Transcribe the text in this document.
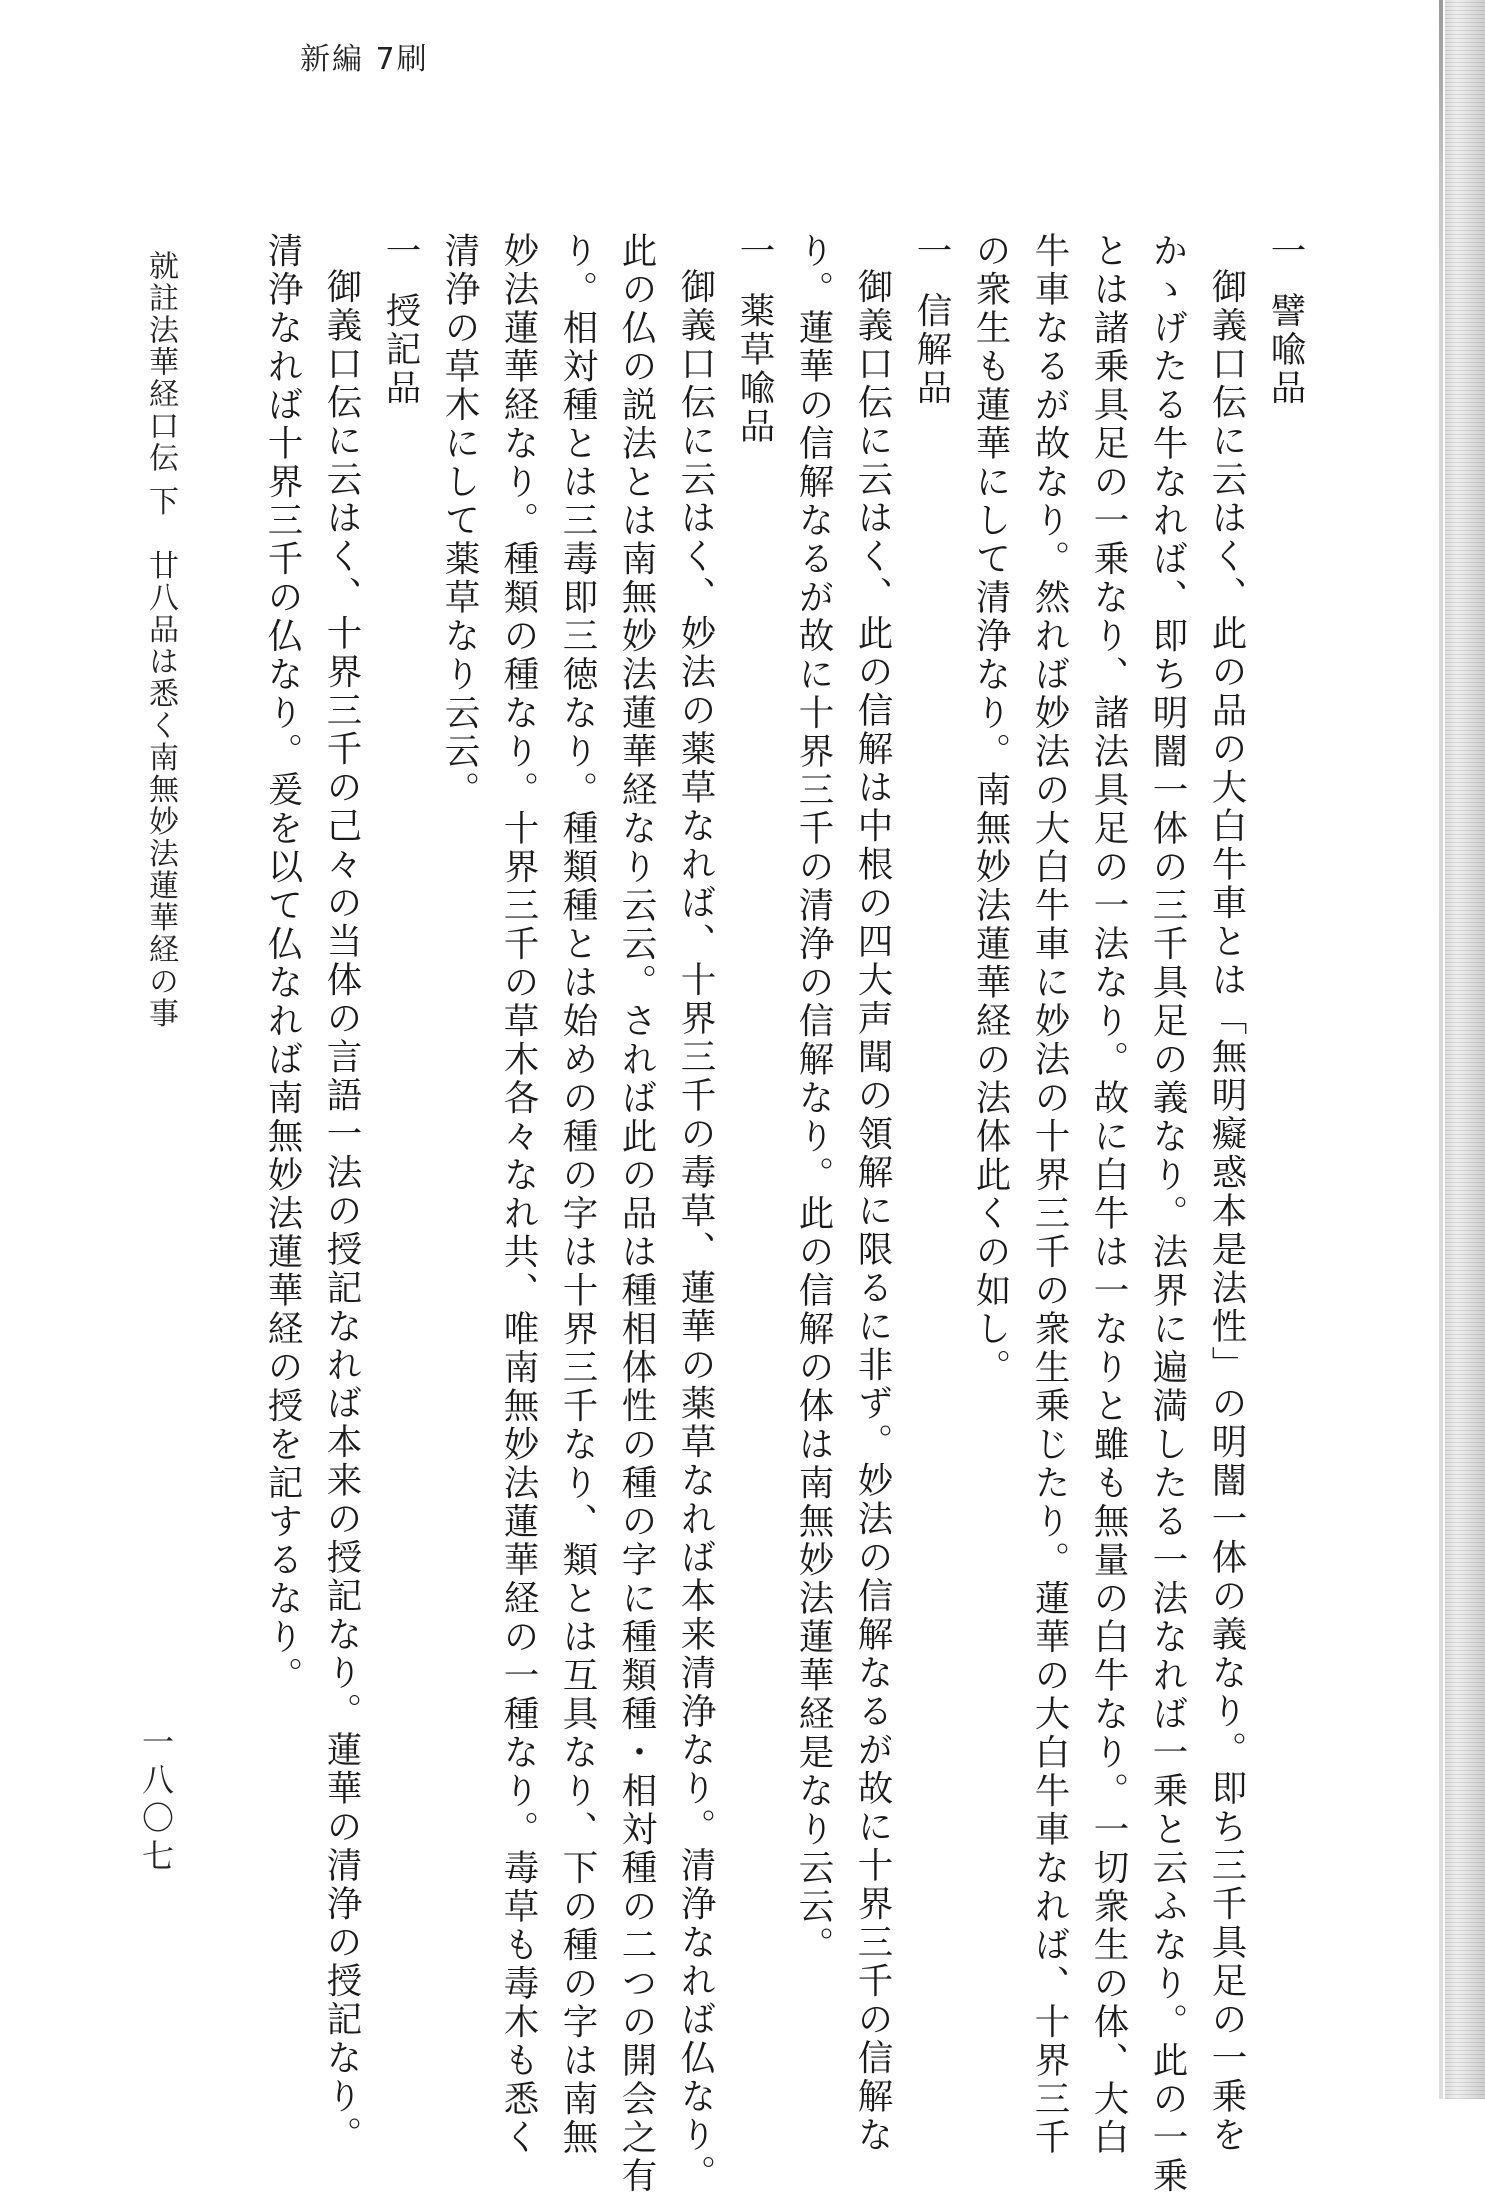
新編 7刷
一譬喩品
御義口伝に云はく、此の品の大白牛車とは「無明癡惑本是法性」の明闇一体の義なり。即ち三千具足の一乗を
かゝげたる牛なれば、即ち明闇一体の三千具足の義なり。法界に遍満したる一法なれば一乗と云ふなり。此の一乗
とは諸乗具足の一乗なり、諸法具足の一法なり。故に白牛は一なりと雖も無量の白牛なり。一切衆生の体、大白
牛車なるが故なり。然れば妙法の大白牛車に妙法の十界三千の衆生乗じたり。蓮華の大白牛車なれば、十界三千
の衆生も蓮華にして清浄なり。南無妙法蓮華経の法体此くの如し。
一信解品
御義口伝に云はく、此の信解は中根の四大声聞の領解に限るに非ず。妙法の信解なるが故に十界三千の信解な
り。蓮華の信解なるが故に十界三千の清浄の信解なり。此の信解の体は南無妙法蓮華経是なり云云。
一薬草喩品
御義口伝に云はく、妙法の薬草なれば、十界三千の毒草、蓮華の薬草なれば本来清浄なり。清浄なれば仏なり。
此の仏の説法とは南無妙法蓮華経なり云云。されば此の品は種相体性の種の字に種類種・相対種の二つの開会之有
り。相対種とは三毒即三徳なり。種類種とは始めの種の字は十界三千なり、類とは互具なり、下の種の字は南無
妙法蓮華経なり。種類の種なり。十界三千の草木各々なれ共、唯南無妙法蓮華経の一種なり。毒草も毒木も悉く
清浄の草木にして薬草なり云云。
一授記品
御義口伝に云はく、十界三千の己々の当体の言語一法の授記なれば本来の授記なり。蓮華の清浄の授記なり。
清浄なれば十界三千の仏なり。爰を以て仏なれば南無妙法蓮華経の授を記するなり。
就註法華経口伝 下　廿八品は悉く南無妙法蓮華経の事
一八〇七
